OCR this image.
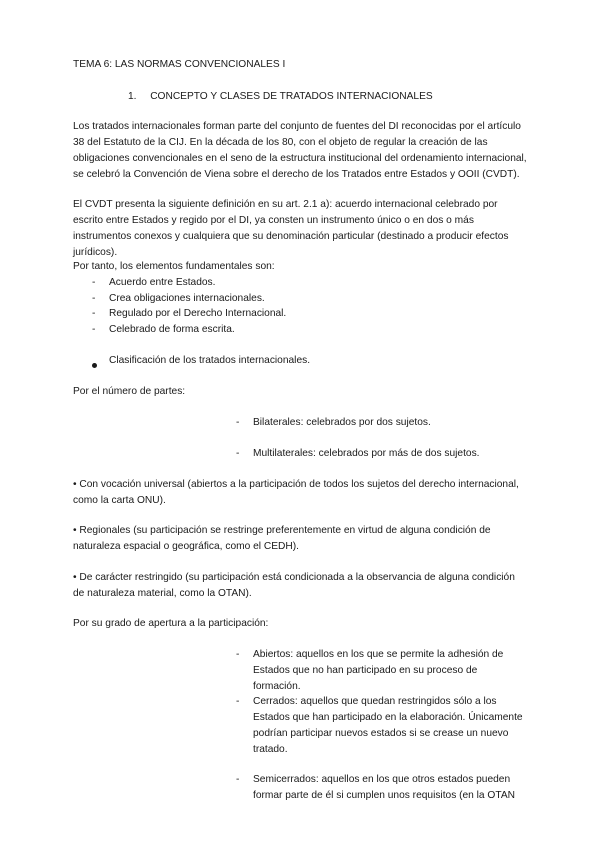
TEMA 6: LAS NORMAS CONVENCIONALES I
1. CONCEPTO Y CLASES DE TRATADOS INTERNACIONALES
Los tratados internacionales forman parte del conjunto de fuentes del DI reconocidas por el artículo 38 del Estatuto de la CIJ. En la década de los 80, con el objeto de regular la creación de las obligaciones convencionales en el seno de la estructura institucional del ordenamiento internacional, se celebró la Convención de Viena sobre el derecho de los Tratados entre Estados y OOII (CVDT).
El CVDT presenta la siguiente definición en su art. 2.1 a): acuerdo internacional celebrado por escrito entre Estados y regido por el DI, ya consten un instrumento único o en dos o más instrumentos conexos y cualquiera que su denominación particular (destinado a producir efectos jurídicos).
Por tanto, los elementos fundamentales son:
- Acuerdo entre Estados.
- Crea obligaciones internacionales.
- Regulado por el Derecho Internacional.
- Celebrado de forma escrita.
Clasificación de los tratados internacionales.
Por el número de partes:
- Bilaterales: celebrados por dos sujetos.
- Multilaterales: celebrados por más de dos sujetos.
• Con vocación universal (abiertos a la participación de todos los sujetos del derecho internacional, como la carta ONU).
• Regionales (su participación se restringe preferentemente en virtud de alguna condición de naturaleza espacial o geográfica, como el CEDH).
• De carácter restringido (su participación está condicionada a la observancia de alguna condición de naturaleza material, como la OTAN).
Por su grado de apertura a la participación:
- Abiertos: aquellos en los que se permite la adhesión de Estados que no han participado en su proceso de formación.
- Cerrados: aquellos que quedan restringidos sólo a los Estados que han participado en la elaboración. Únicamente podrían participar nuevos estados si se crease un nuevo tratado.
- Semicerrados: aquellos en los que otros estados pueden formar parte de él si cumplen unos requisitos (en la OTAN
